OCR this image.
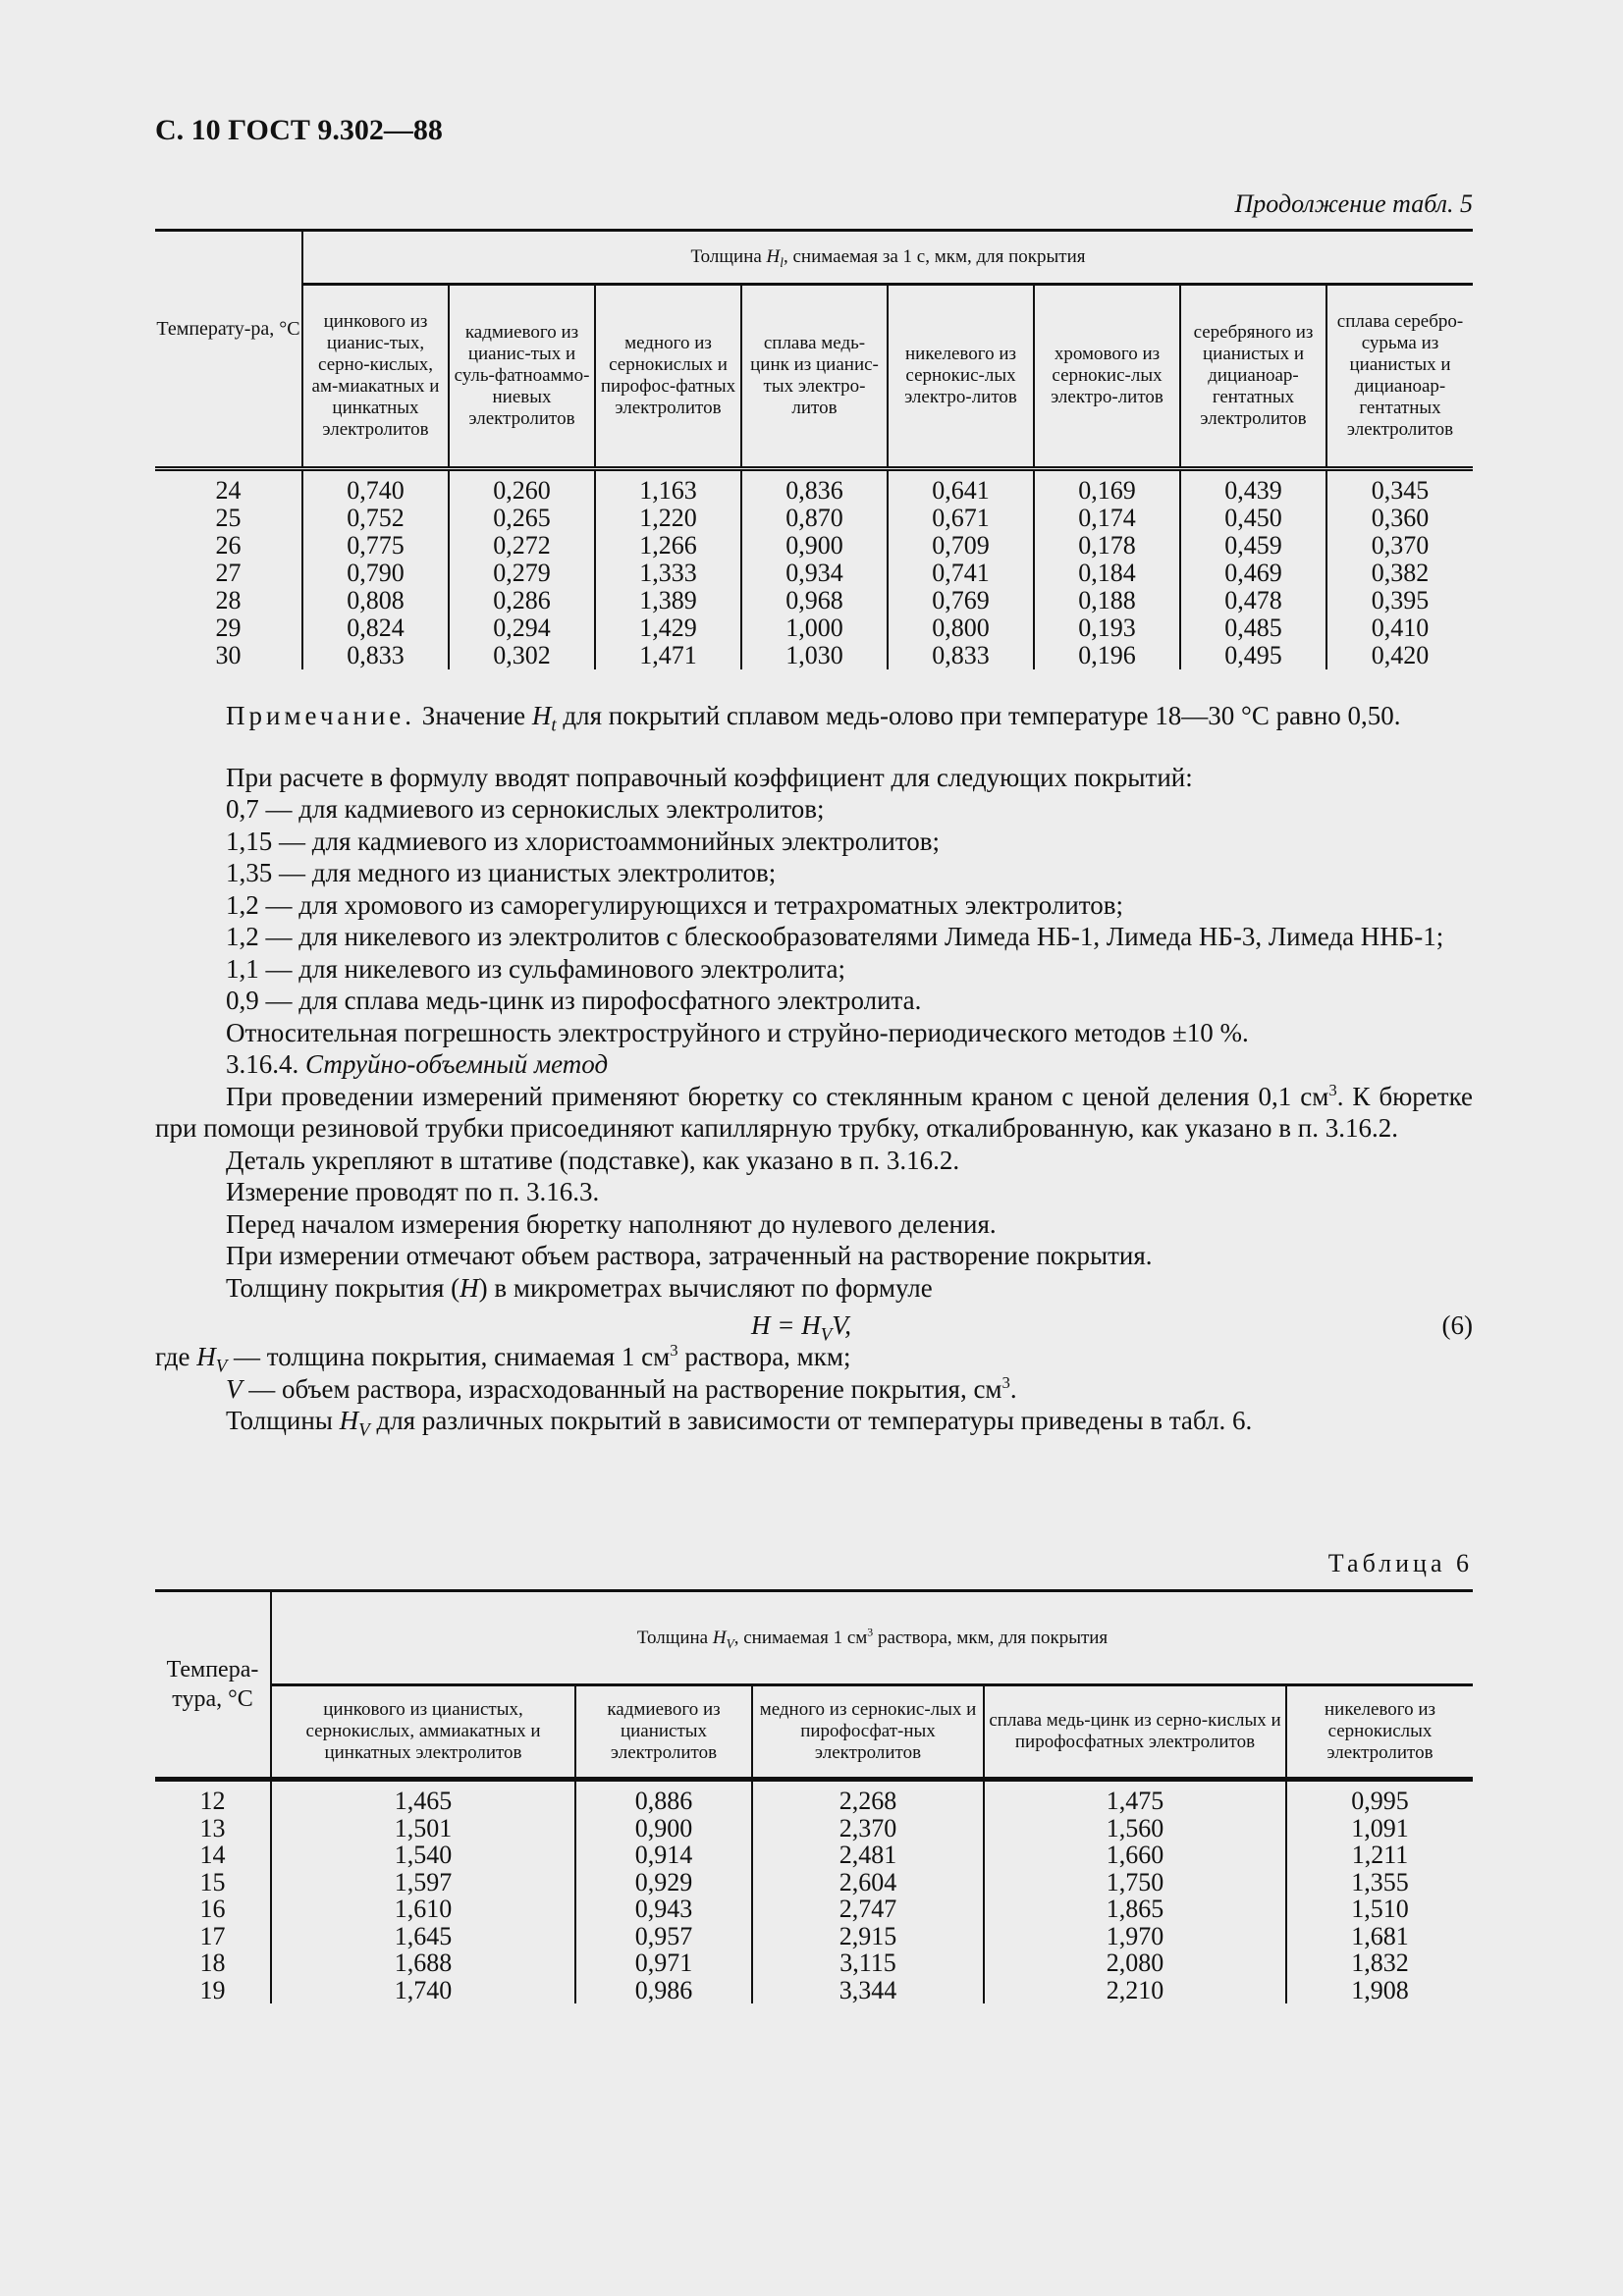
С. 10 ГОСТ 9.302—88
Продолжение табл. 5
Температу-ра, °С	Толщина $H_l$, снимаемая за 1 с, мкм, для покрытия							
	цинкового из цианис-тых, серно-кислых, ам-миакатных и цинкатных электролитов	кадмиевого из цианис-тых и суль-фатноаммо-ниевых электролитов	медного из сернокислых и пирофос-фатных электролитов	сплава медь-цинк из цианис-тых электро-литов	никелевого из сернокис-лых электро-литов	хромового из сернокис-лых электро-литов	серебряного из цианистых и дицианоар-гентатных электролитов	сплава серебро-сурьма из цианистых и дицианоар-гентатных электролитов
24	0,740	0,260	1,163	0,836	0,641	0,169	0,439	0,345
25	0,752	0,265	1,220	0,870	0,671	0,174	0,450	0,360
26	0,775	0,272	1,266	0,900	0,709	0,178	0,459	0,370
27	0,790	0,279	1,333	0,934	0,741	0,184	0,469	0,382
28	0,808	0,286	1,389	0,968	0,769	0,188	0,478	0,395
29	0,824	0,294	1,429	1,000	0,800	0,193	0,485	0,410
30	0,833	0,302	1,471	1,030	0,833	0,196	0,495	0,420

Примечание. Значение $H_t$ для покрытий сплавом медь-олово при температуре 18—30 °С равно 0,50.

При расчете в формулу вводят поправочный коэффициент для следующих покрытий:

0,7 — для кадмиевого из сернокислых электролитов;

1,15 — для кадмиевого из хлористоаммонийных электролитов;

1,35 — для медного из цианистых электролитов;

1,2 — для хромового из саморегулирующихся и тетрахроматных электролитов;

1,2 — для никелевого из электролитов с блескообразователями Лимеда НБ-1, Лимеда НБ-3, Лимеда ННБ-1;

1,1 — для никелевого из сульфаминового электролита;

0,9 — для сплава медь-цинк из пирофосфатного электролита.

Относительная погрешность электроструйного и струйно-периодического методов ±10 %.

3.16.4. Струйно-объемный метод

При проведении измерений применяют бюретку со стеклянным краном с ценой деления 0,1 $см^3$. К бюретке при помощи резиновой трубки присоединяют капиллярную трубку, откалиброванную, как указано в п. 3.16.2.

Деталь укрепляют в штативе (подставке), как указано в п. 3.16.2.

Измерение проводят по п. 3.16.3.

Перед началом измерения бюретку наполняют до нулевого деления.

При измерении отмечают объем раствора, затраченный на растворение покрытия.

Толщину покрытия (H) в микрометрах вычисляют по формуле

$H = H_VV$,	(6)

где $H_V$ — толщина покрытия, снимаемая 1 $см^3$ раствора, мкм;

V — объем раствора, израсходованный на растворение покрытия, $см^3$.

Толщины $H_V$ для различных покрытий в зависимости от температуры приведены в табл. 6.

Таблица 6
Темпера-тура, °С	Толщина $H_V$, снимаемая 1 $см^3$ раствора, мкм, для покрытия				
	цинкового из цианистых, сернокислых, аммиакатных и цинкатных электролитов	кадмиевого из цианистых электролитов	медного из сернокис-лых и пирофосфат-ных электролитов	сплава медь-цинк из серно-кислых и пирофосфатных электролитов	никелевого из сернокислых электролитов
12	1,465	0,886	2,268	1,475	0,995
13	1,501	0,900	2,370	1,560	1,091
14	1,540	0,914	2,481	1,660	1,211
15	1,597	0,929	2,604	1,750	1,355
16	1,610	0,943	2,747	1,865	1,510
17	1,645	0,957	2,915	1,970	1,681
18	1,688	0,971	3,115	2,080	1,832
19	1,740	0,986	3,344	2,210	1,908
